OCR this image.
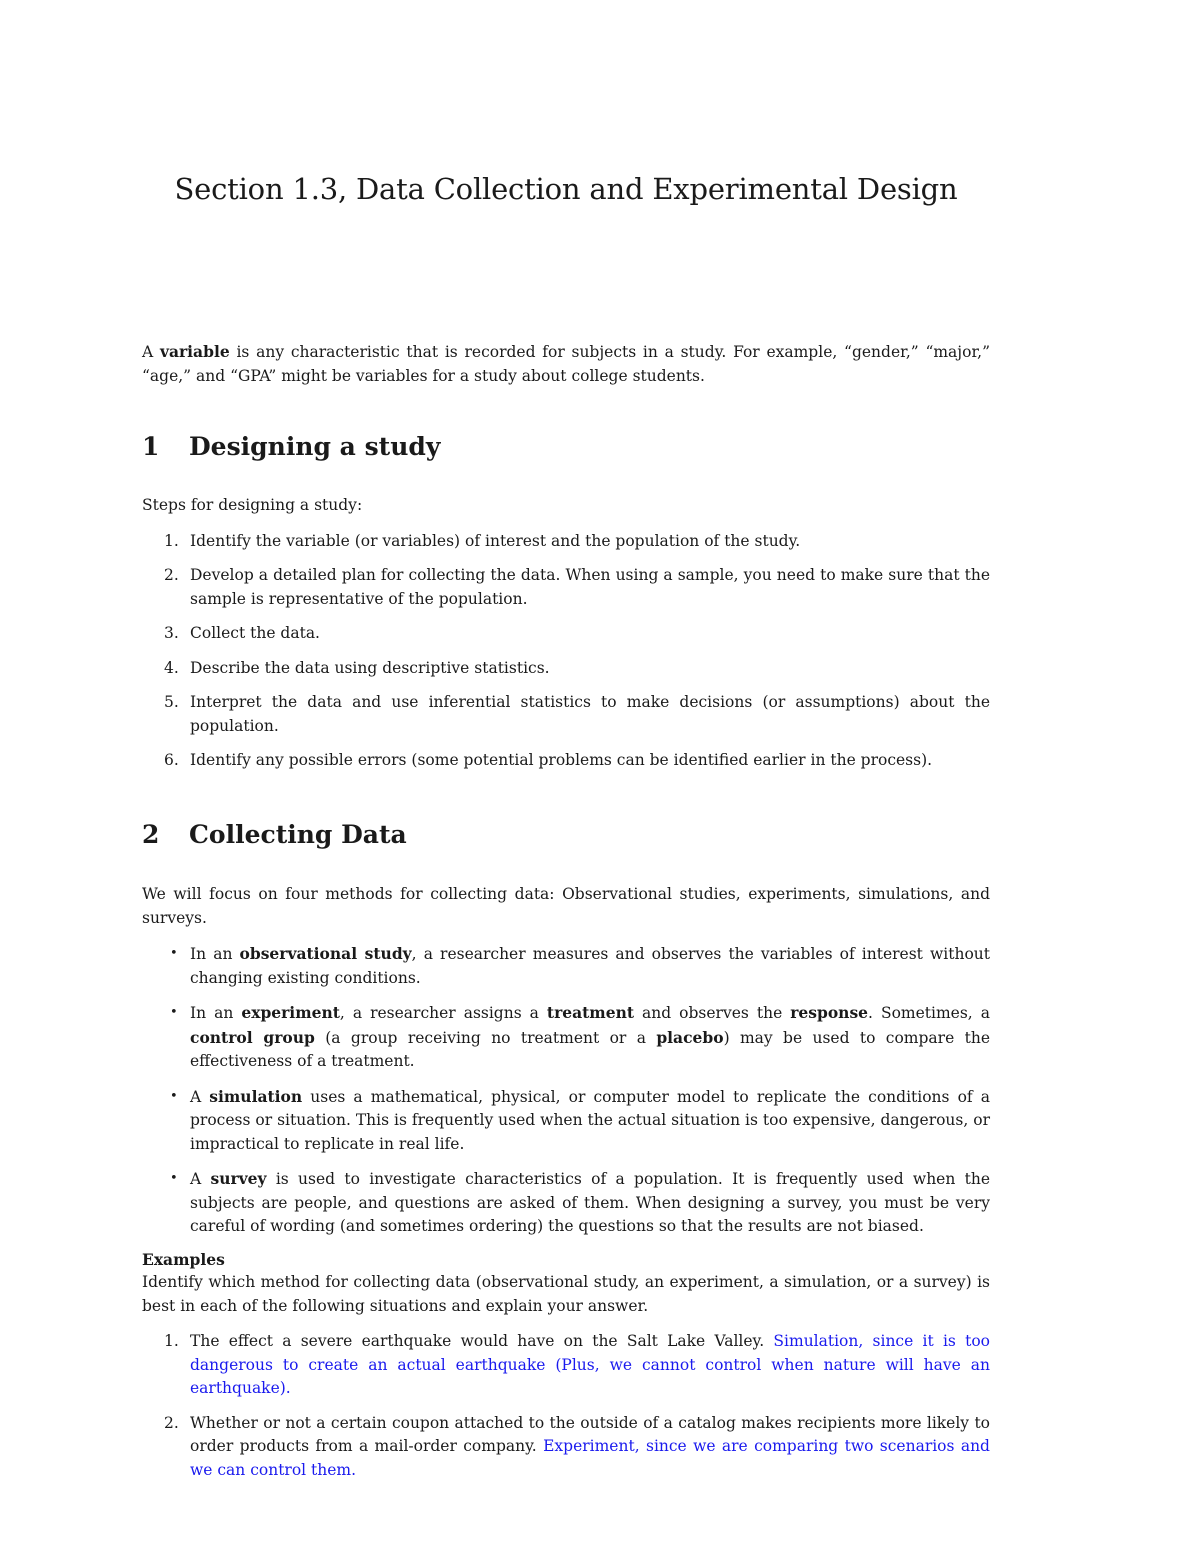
Section 1.3, Data Collection and Experimental Design

A variable is any characteristic that is recorded for subjects in a study. For example, “gender,” “major,” “age,” and “GPA” might be variables for a study about college students.

1 Designing a study

Steps for designing a study:

1. Identify the variable (or variables) of interest and the population of the study.
2. Develop a detailed plan for collecting the data. When using a sample, you need to make sure that the sample is representative of the population.
3. Collect the data.
4. Describe the data using descriptive statistics.
5. Interpret the data and use inferential statistics to make decisions (or assumptions) about the population.
6. Identify any possible errors (some potential problems can be identified earlier in the process).
2 Collecting Data

We will focus on four methods for collecting data: Observational studies, experiments, simulations, and surveys.

• In an observational study, a researcher measures and observes the variables of interest without changing existing conditions.
• In an experiment, a researcher assigns a treatment and observes the response. Sometimes, a control group (a group receiving no treatment or a placebo) may be used to compare the effectiveness of a treatment.
• A simulation uses a mathematical, physical, or computer model to replicate the conditions of a process or situation. This is frequently used when the actual situation is too expensive, dangerous, or impractical to replicate in real life.
• A survey is used to investigate characteristics of a population. It is frequently used when the subjects are people, and questions are asked of them. When designing a survey, you must be very careful of wording (and sometimes ordering) the questions so that the results are not biased.
Examples

Identify which method for collecting data (observational study, an experiment, a simulation, or a survey) is best in each of the following situations and explain your answer.

1. The effect a severe earthquake would have on the Salt Lake Valley. Simulation, since it is too dangerous to create an actual earthquake (Plus, we cannot control when nature will have an earthquake).
2. Whether or not a certain coupon attached to the outside of a catalog makes recipients more likely to order products from a mail-order company. Experiment, since we are comparing two scenarios and we can control them.
